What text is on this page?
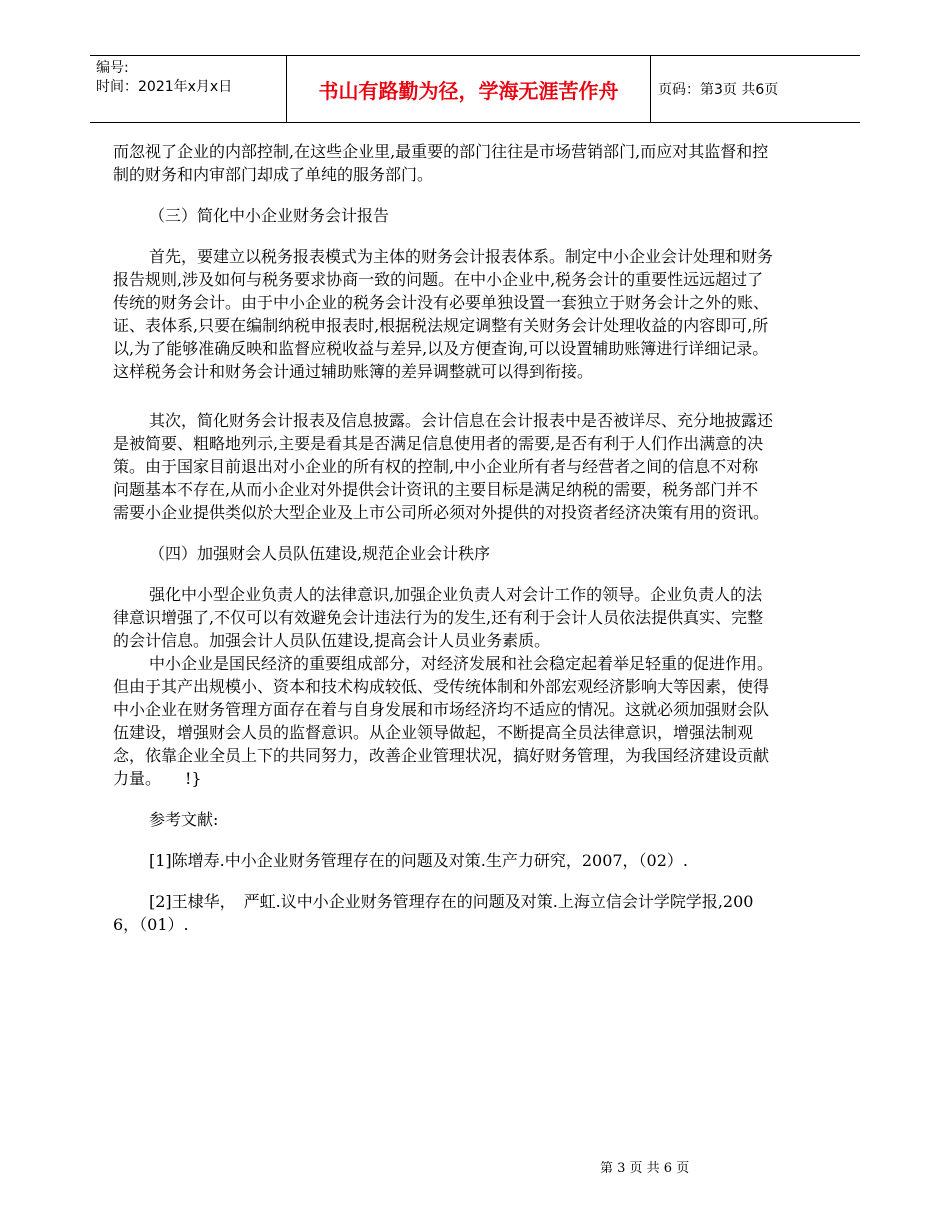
编号:
时间：2021年x月x日	书山有路勤为径，学海无涯苦作舟	页码：第3页 共6页

而忽视了企业的内部控制,在这些企业里,最重要的部门往往是市场营销部门,而应对其监督和控制的财务和内审部门却成了单纯的服务部门。

（三）简化中小企业财务会计报告

首先，要建立以税务报表模式为主体的财务会计报表体系。制定中小企业会计处理和财务报告规则,涉及如何与税务要求协商一致的问题。在中小企业中,税务会计的重要性远远超过了传统的财务会计。由于中小企业的税务会计没有必要单独设置一套独立于财务会计之外的账、证、表体系,只要在编制纳税申报表时,根据税法规定调整有关财务会计处理收益的内容即可,所以,为了能够准确反映和监督应税收益与差异,以及方便查询,可以设置辅助账簿进行详细记录。这样税务会计和财务会计通过辅助账簿的差异调整就可以得到衔接。

其次，简化财务会计报表及信息披露。会计信息在会计报表中是否被详尽、充分地披露还是被简要、粗略地列示,主要是看其是否满足信息使用者的需要,是否有利于人们作出满意的决策。由于国家目前退出对小企业的所有权的控制,中小企业所有者与经营者之间的信息不对称问题基本不存在,从而小企业对外提供会计资讯的主要目标是满足纳税的需要，税务部门并不需要小企业提供类似於大型企业及上市公司所必须对外提供的对投资者经济决策有用的资讯。

（四）加强财会人员队伍建设,规范企业会计秩序

强化中小型企业负责人的法律意识,加强企业负责人对会计工作的领导。企业负责人的法律意识增强了,不仅可以有效避免会计违法行为的发生,还有利于会计人员依法提供真实、完整的会计信息。加强会计人员队伍建设,提高会计人员业务素质。

中小企业是国民经济的重要组成部分，对经济发展和社会稳定起着举足轻重的促进作用。但由于其产出规模小、资本和技术构成较低、受传统体制和外部宏观经济影响大等因素，使得中小企业在财务管理方面存在着与自身发展和市场经济均不适应的情况。这就必须加强财会队伍建设，增强财会人员的监督意识。从企业领导做起，不断提高全员法律意识，增强法制观念，依靠企业全员上下的共同努力，改善企业管理状况，搞好财务管理，为我国经济建设贡献力量。　　!}

参考文献:

[1]陈增寿.中小企业财务管理存在的问题及对策.生产力研究，2007，（02）.

[2]王棣华，　严虹.议中小企业财务管理存在的问题及对策.上海立信会计学院学报,2006，（01）.

第 3 页 共 6 页
